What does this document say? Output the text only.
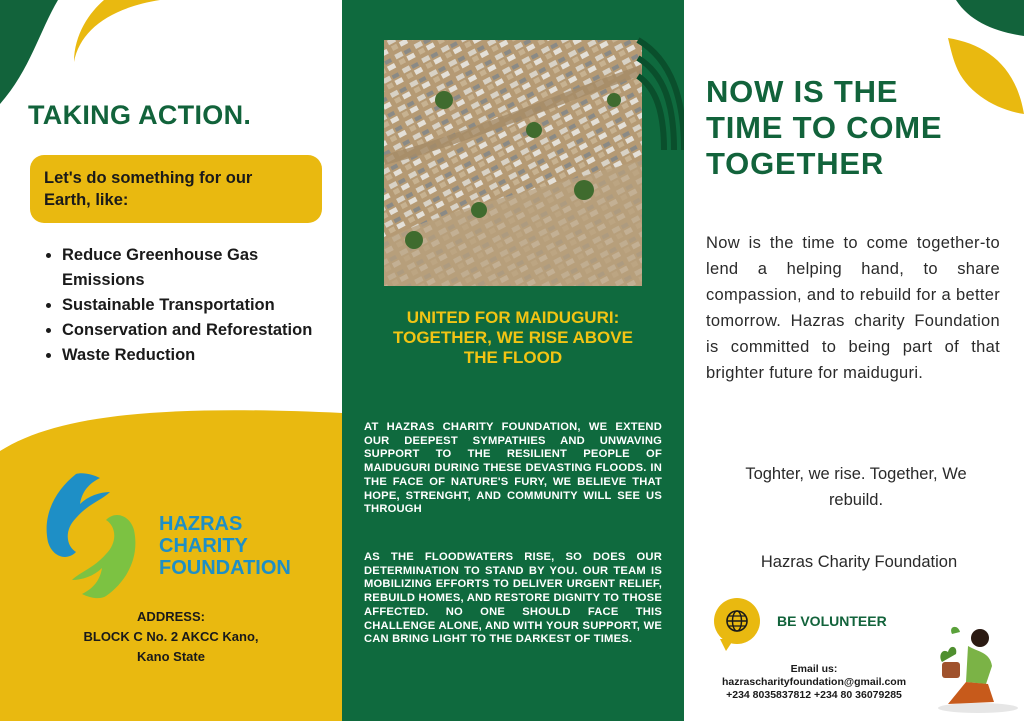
TAKING ACTION.
Let's do something for our Earth, like:
Reduce Greenhouse Gas Emissions
Sustainable Transportation
Conservation and Reforestation
Waste Reduction
HAZRAS
CHARITY
FOUNDATION
ADDRESS:
BLOCK C No. 2 AKCC Kano,
Kano State
UNITED FOR MAIDUGURI: TOGETHER, WE RISE ABOVE THE FLOOD

AT HAZRAS CHARITY FOUNDATION, WE EXTEND OUR DEEPEST SYMPATHIES AND UNWAVING SUPPORT TO THE RESILIENT PEOPLE OF MAIDUGURI DURING THESE DEVASTING FLOODS. IN THE FACE OF NATURE'S FURY, WE BELIEVE THAT HOPE, STRENGHT, AND COMMUNITY WILL SEE US THROUGH

AS THE FLOODWATERS RISE, SO DOES OUR DETERMINATION TO STAND BY YOU. OUR TEAM IS MOBILIZING EFFORTS TO DELIVER URGENT RELIEF, REBUILD HOMES, AND RESTORE DIGNITY TO THOSE AFFECTED. NO ONE SHOULD FACE THIS CHALLENGE ALONE, AND WITH YOUR SUPPORT, WE CAN BRING LIGHT TO THE DARKEST OF TIMES.

NOW IS THE TIME TO COME TOGETHER

Now is the time to come together-to lend a helping hand, to share compassion, and to rebuild for a better tomorrow. Hazras charity Foundation is committed to being part of that brighter future for maiduguri.

Toghter, we rise. Together, We
rebuild.
Hazras Charity Foundation
BE VOLUNTEER
Email us:
hazrascharityfoundation@gmail.com
+234 8035837812 +234 80 36079285
